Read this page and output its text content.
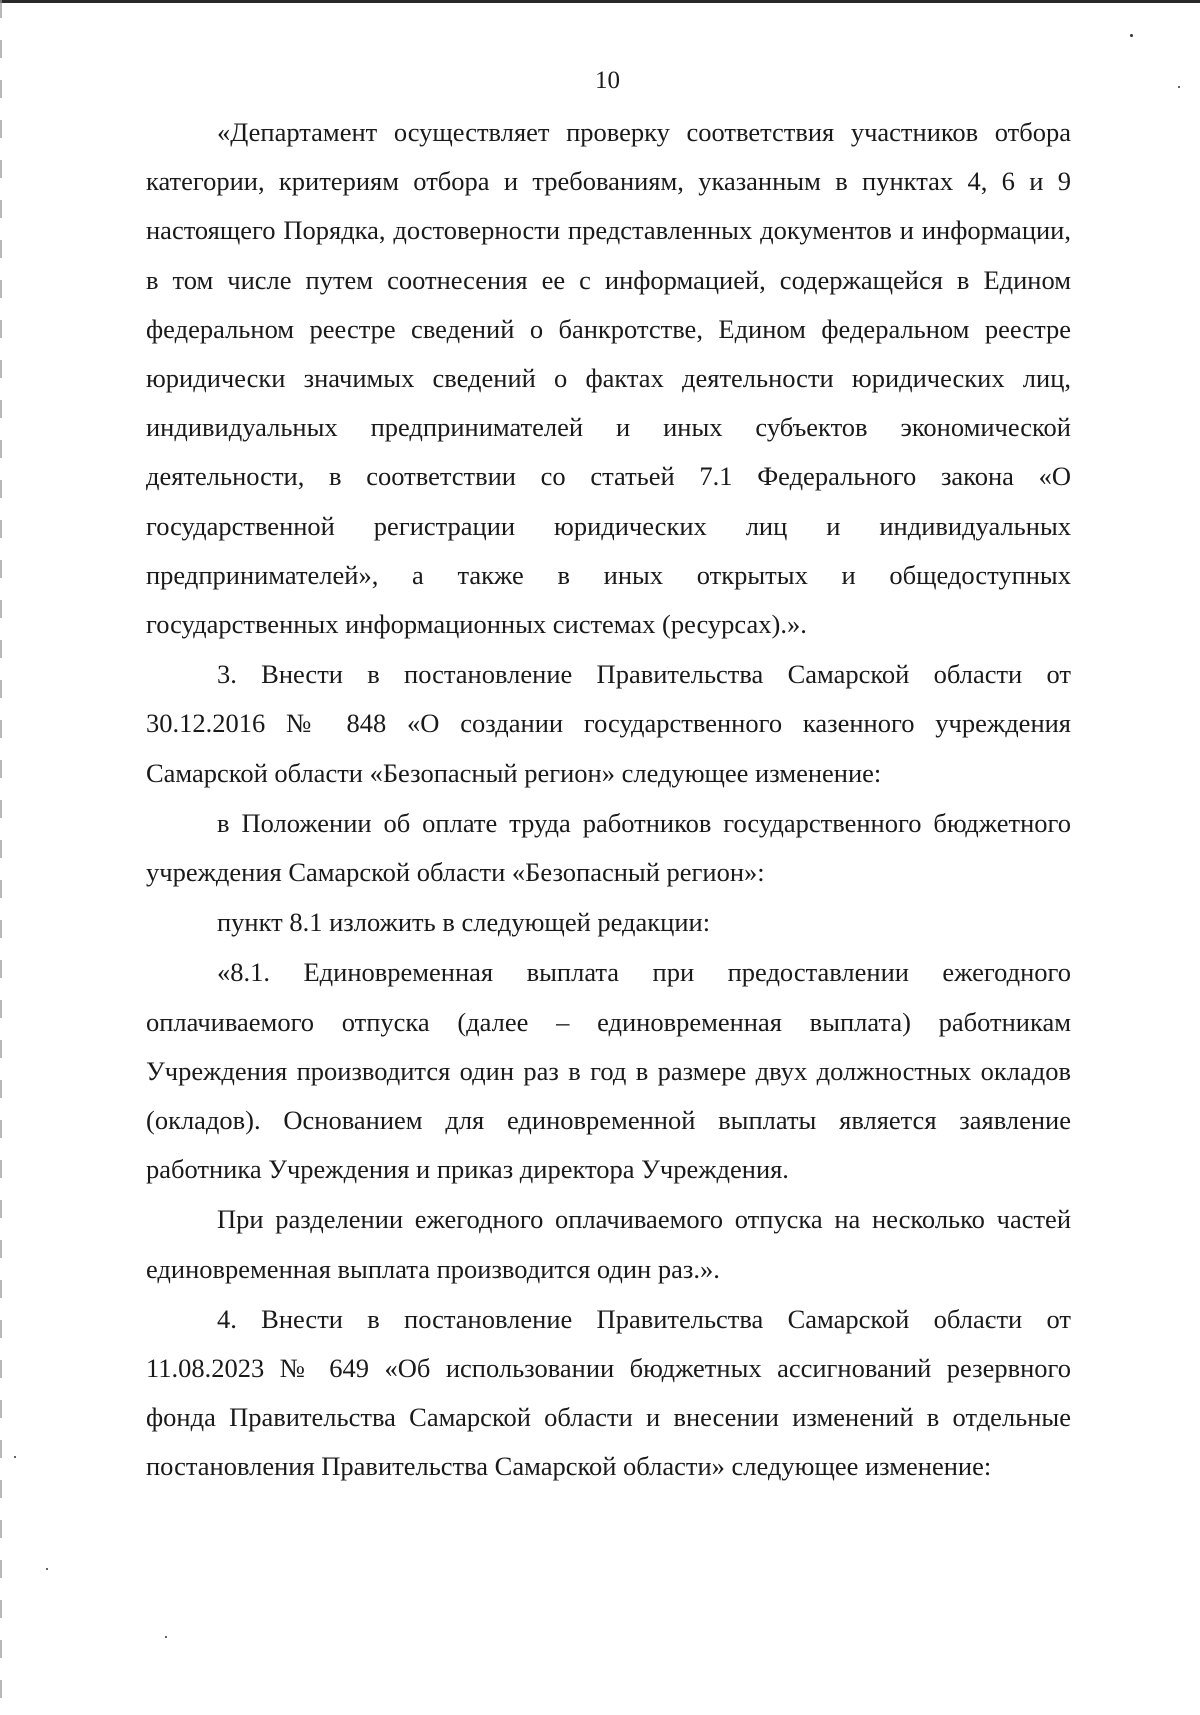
10

«Департамент осуществляет проверку соответствия участников отбора категории, критериям отбора и требованиям, указанным в пунктах 4, 6 и 9 настоящего Порядка, достоверности представленных документов и информации, в том числе путем соотнесения ее с информацией, содержащейся в Едином федеральном реестре сведений о банкротстве, Едином федеральном реестре юридически значимых сведений о фактах деятельности юридических лиц, индивидуальных предпринимателей и иных субъектов экономической деятельности, в соответствии со статьей 7.1 Федерального закона «О государственной регистрации юридических лиц и индивидуальных предпринимателей», а также в иных открытых и общедоступных государственных информационных системах (ресурсах).».

3. Внести в постановление Правительства Самарской области от 30.12.2016 № 848 «О создании государственного казенного учреждения Самарской области «Безопасный регион» следующее изменение:

в Положении об оплате труда работников государственного бюджетного учреждения Самарской области «Безопасный регион»:

пункт 8.1 изложить в следующей редакции:

«8.1. Единовременная выплата при предоставлении ежегодного оплачиваемого отпуска (далее – единовременная выплата) работникам Учреждения производится один раз в год в размере двух должностных окладов (окладов). Основанием для единовременной выплаты является заявление работника Учреждения и приказ директора Учреждения.

При разделении ежегодного оплачиваемого отпуска на несколько частей единовременная выплата производится один раз.».

4. Внести в постановление Правительства Самарской области от 11.08.2023 № 649 «Об использовании бюджетных ассигнований резервного фонда Правительства Самарской области и внесении изменений в отдельные постановления Правительства Самарской области» следующее изменение:
